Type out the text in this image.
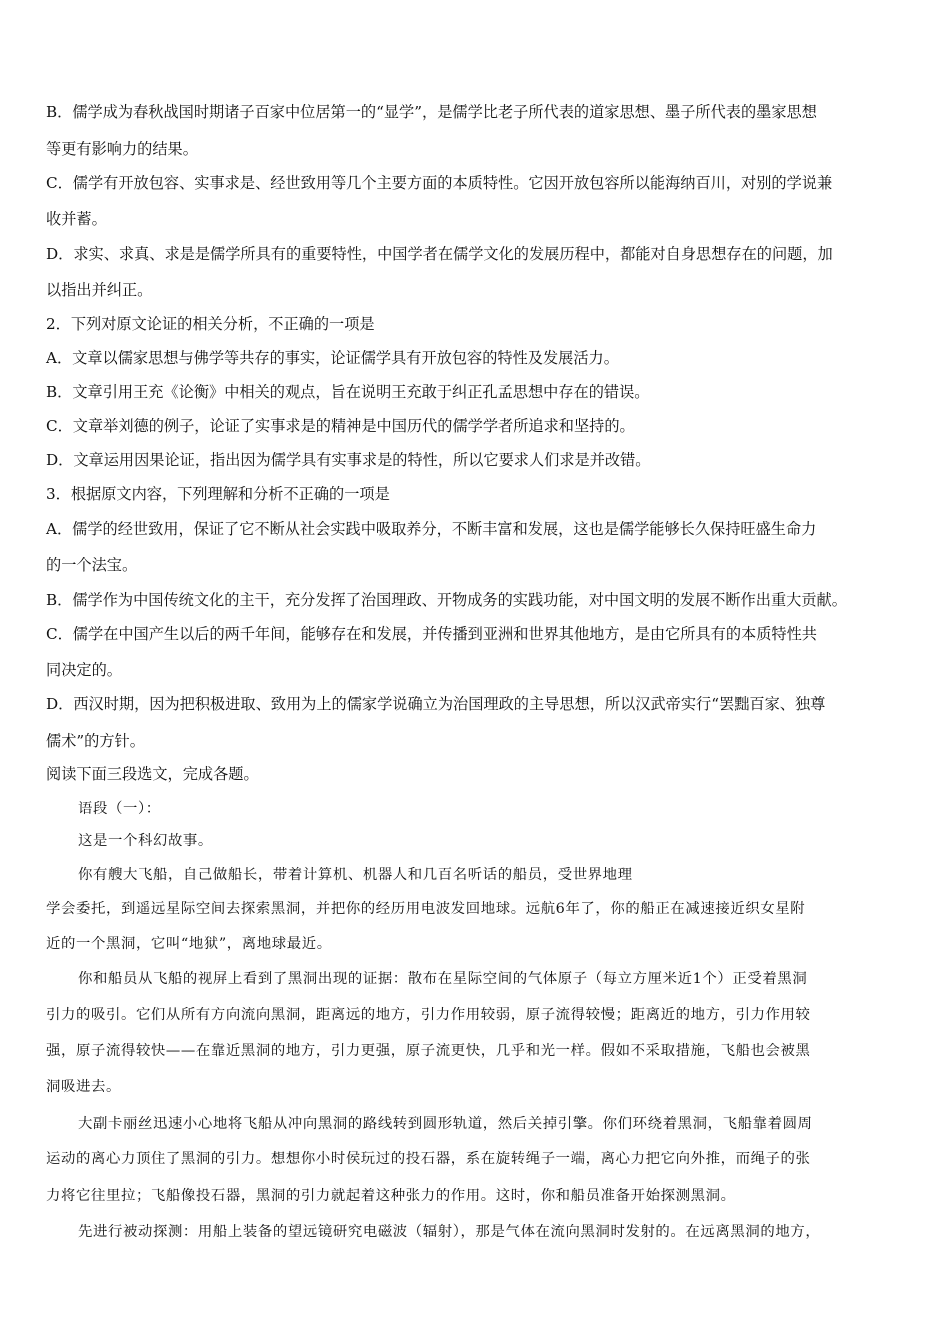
B．儒学成为春秋战国时期诸子百家中位居第一的“显学”，是儒学比老子所代表的道家思想、墨子所代表的墨家思想
等更有影响力的结果。
C．儒学有开放包容、实事求是、经世致用等几个主要方面的本质特性。它因开放包容所以能海纳百川，对别的学说兼
收并蓄。
D．求实、求真、求是是儒学所具有的重要特性，中国学者在儒学文化的发展历程中，都能对自身思想存在的问题，加
以指出并纠正。
2．下列对原文论证的相关分析，不正确的一项是
A．文章以儒家思想与佛学等共存的事实，论证儒学具有开放包容的特性及发展活力。
B．文章引用王充《论衡》中相关的观点，旨在说明王充敢于纠正孔孟思想中存在的错误。
C．文章举刘德的例子，论证了实事求是的精神是中国历代的儒学学者所追求和坚持的。
D．文章运用因果论证，指出因为儒学具有实事求是的特性，所以它要求人们求是并改错。
3．根据原文内容，下列理解和分析不正确的一项是
A．儒学的经世致用，保证了它不断从社会实践中吸取养分，不断丰富和发展，这也是儒学能够长久保持旺盛生命力
的一个法宝。
B．儒学作为中国传统文化的主干，充分发挥了治国理政、开物成务的实践功能，对中国文明的发展不断作出重大贡献。
C．儒学在中国产生以后的两千年间，能够存在和发展，并传播到亚洲和世界其他地方，是由它所具有的本质特性共
同决定的。
D．西汉时期，因为把积极进取、致用为上的儒家学说确立为治国理政的主导思想，所以汉武帝实行“罢黜百家、独尊
儒术”的方针。
阅读下面三段选文，完成各题。
语段（一）：
这是一个科幻故事。
你有艘大飞船，自己做船长，带着计算机、机器人和几百名听话的船员，受世界地理
学会委托，到遥远星际空间去探索黑洞，并把你的经历用电波发回地球。远航6年了，你的船正在减速接近织女星附
近的一个黑洞，它叫“地狱”，离地球最近。
你和船员从飞船的视屏上看到了黑洞出现的证据：散布在星际空间的气体原子（每立方厘米近1个）正受着黑洞
引力的吸引。它们从所有方向流向黑洞，距离远的地方，引力作用较弱，原子流得较慢；距离近的地方，引力作用较
强，原子流得较快——在靠近黑洞的地方，引力更强，原子流更快，几乎和光一样。假如不采取措施，飞船也会被黑
洞吸进去。
大副卡丽丝迅速小心地将飞船从冲向黑洞的路线转到圆形轨道，然后关掉引擎。你们环绕着黑洞，飞船靠着圆周
运动的离心力顶住了黑洞的引力。想想你小时侯玩过的投石器，系在旋转绳子一端，离心力把它向外推，而绳子的张
力将它往里拉；飞船像投石器，黑洞的引力就起着这种张力的作用。这时，你和船员准备开始探测黑洞。
先进行被动探测：用船上装备的望远镜研究电磁波（辐射），那是气体在流向黑洞时发射的。在远离黑洞的地方，
